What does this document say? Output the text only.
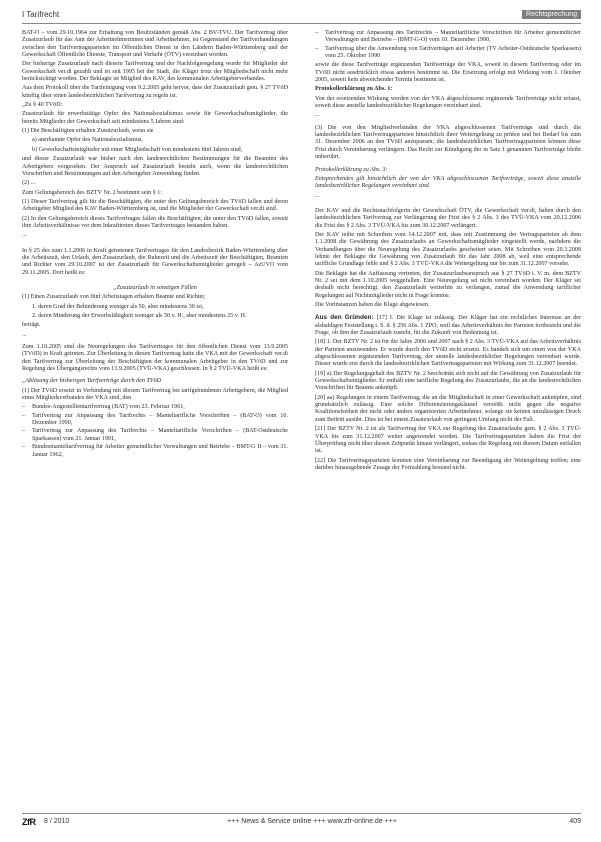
I Tarifrecht	Rechtsprechung
BAT-O – vom 29.10.1964 zur Erhaltung von Besitzständen gemäß Abs. 2 BV-TVÜ. Der Tarifvertrag über Zusatzurlaub für das Amt der Arbeitnehmerinnen und Arbeitnehmer, ist Gegenstand der Tarifverhandlungen zwischen den Tarifvertragsparteien im Öffentlichen Dienst in den Ländern Baden-Württemberg und der Gewerkschaft Öffentliche Dienste, Transport und Verkehr (ÖTV) vereinbart worden.
Der bisherige Zusatzurlaub nach diesem Tarifvertrag und der Nachfolgeregelung wurde für Mitglieder der Gewerkschaft ver.di gezahlt und ist seit 1995 bei der Stadt, die Kläger trotz der Mitgliedschaft nicht mehr berücksichtigt worden. Der Beklagte ist Mitglied des KAV, des kommunalen Arbeitgeberverbandes.
Aus dem Protokoll über die Tarifeinigung vom 9.2.2005 geht hervor, dass der Zusatzurlaub gem. § 27 TVöD künftig über einen landesbezirklichen Tarifvertrag zu regeln ist.
„Zu § 40 TVöD:
Zusatzurlaub für erwerbstätige Opfer des Nationalsozialismus sowie für Gewerkschaftsmitglieder, die bereits Mitglieder der Gewerkschaft seit mindestens 5 Jahren sind:
(1) Die Beschäftigten erhalten Zusatzurlaub, wenn sie
a) anerkannte Opfer des Nationalsozialismus,
b) Gewerkschaftsmitglieder mit einer Mitgliedschaft von mindestens fünf Jahren sind,
und dieser Zusatzurlaub war bisher nach den landesrechtlichen Bestimmungen für die Beamten des Arbeitgebers vorgesehen. Der Anspruch auf Zusatzurlaub besteht auch, wenn die landesrechtlichen Vorschriften und Bestimmungen auf den Arbeitgeber Anwendung finden.
(2) ...
Zum Geltungsbereich des BZTV Nr. 2 bestimmt sein § 1:
(1) Dieser Tarifvertrag gilt für die Beschäftigten, die unter den Geltungsbereich des TVöD fallen und deren Arbeitgeber Mitglied des KAV Baden-Württemberg ist, und die Mitglieder der Gewerkschaft ver.di sind.
(2) In den Geltungsbereich dieses Tarifvertrages fallen die Beschäftigten, die unter den TVöD fallen, soweit ihre Arbeitsverhältnisse vor dem Inkrafttreten dieses Tarifvertrages bestanden haben.
...
In § 25 des zum 1.1.2006 in Kraft getretenen Tarifvertrages für den Landesbezirk Baden-Württemberg über die Arbeitszeit, den Urlaub, den Zusatzurlaub, die Ruhezeit und die Arbeitszeit der Beschäftigten, Beamten und Richter vom 29.10.2007 ist der Zusatzurlaub für Gewerkschaftsmitglieder geregelt – AzUVO vom 29.11.2005. Dort heißt es:
„Zusatzurlaub in sonstigen Fällen
(1) Einen Zusatzurlaub von fünf Arbeitstagen erhalten Beamte und Richter,
1. deren Grad der Behinderung weniger als 50, aber mindestens 30 ist,
2. deren Minderung der Erwerbsfähigkeit weniger als 50 v. H., aber mindestens 25 v. H.
beträgt.
...
Zum 1.10.2005 sind die Neuregelungen des Tarifvertrages für den öffentlichen Dienst vom 13.9.2005 (TVöD) in Kraft getreten. Zur Überleitung in diesen Tarifvertrag hatte die VKA mit der Gewerkschaft ver.di den Tarifvertrag zur Überleitung der Beschäftigten der kommunalen Arbeitgeber in den TVöD und zur Regelung des Übergangsrechts vom 13.9.2005 (TVÜ-VKA) geschlossen. In § 2 TVÜ-VKA heißt es:
„Ablösung der bisherigen Tarifverträge durch den TVöD
(1) Der TVöD ersetzt in Verbindung mit diesem Tarifvertrag bei tarifgebundenen Arbeitgebern, die Mitglied eines Mitgliedsverbandes der VKA sind, den
– Bundes-Angestelltentarifvertrag (BAT) vom 23. Februar 1961,
– Tarifvertrag zur Anpassung des Tarifrechts – Manteltarifliche Vorschriften – (BAT-O) vom 10. Dezember 1990,
– Tarifvertrag zur Anpassung des Tarifrechts – Manteltarifliche Vorschriften – (BAT-Ostdeutsche Sparkassen) vom 21. Januar 1991,
– Bundesmanteltarifvertrag für Arbeiter gemeindlicher Verwaltungen und Betriebe – BMT-G II – vom 31. Januar 1962,
– Tarifvertrag zur Anpassung des Tarifrechts – Manteltarifliche Vorschriften für Arbeiter gemeindlicher Verwaltungen und Betriebe – (BMT-G-O) vom 10. Dezember 1990,
– Tarifvertrag über die Anwendung von Tarifverträgen auf Arbeiter (TV Arbeiter-Ostdeutsche Sparkassen) vom 25. Oktober 1990
sowie die diese Tarifverträge ergänzenden Tarifverträge der VKA, soweit in diesem Tarifvertrag oder im TVöD nicht ausdrücklich etwas anderes bestimmt ist. Die Ersetzung erfolgt mit Wirkung vom 1. Oktober 2005, soweit kein abweichender Termin bestimmt ist.
Protokollerklärung zu Abs. 1:
Von der ersetzenden Wirkung werden von der VKA abgeschlossene ergänzende Tarifverträge nicht erfasst, soweit diese anstelle landesbezirklicher Regelungen vereinbart sind.
...
(3) Die von den Mitgliedverbänden der VKA abgeschlossenen Tarifverträge sind durch die landesbezirklichen Tarifvertragsparteien hinsichtlich ihrer Weitergeltung zu prüfen und bei Bedarf bis zum 31. Dezember 2006 an den TVöD anzupassen; die landesbezirklichen Tarifvertragsparteien können diese Frist durch Vereinbarung verlängern. Das Recht zur Kündigung der in Satz 1 genannten Tarifverträge bleibt unberührt.
Protokollerklärung zu Abs. 3:
Entsprechendes gilt hinsichtlich der von der VKA abgeschlossenen Tarifverträge, soweit diese anstelle landesbezirklicher Regelungen vereinbart sind.
...
Der KAV und die Rechtsnachfolgerin der Gewerkschaft ÖTV, die Gewerkschaft ver.di, haben durch den landesbezirklichen Tarifvertrag zur Verlängerung der Frist des § 2 Abs. 3 des TVÜ-VKA vom 20.12.2006 die Frist des § 2 Abs. 3 TVÜ-VKA bis zum 30.12.2007 verlängert.
Der KAV teilte mit Schreiben vom 14.12.2007 mit, dass mit Zustimmung der Vertragsparteien ab dem 1.1.2008 die Gewährung des Zusatzurlaubs an Gewerkschaftsmitglieder eingestellt werde, nachdem die Verhandlungen über die Neuregelung des Zusatzurlaubs gescheitert seien. Mit Schreiben vom 20.3.2008 lehnte der Beklagte die Gewährung von Zusatzurlaub für das Jahr 2008 ab, weil eine entsprechende tarifliche Grundlage fehle und § 2 Abs. 3 TVÜ-VKA die Weitergeltung nur bis zum 31.12.2007 vorsehe.
Die Beklagte hat die Auffassung vertreten, der Zusatzurlaubsanspruch aus § 27 TVöD i. V. m. dem BZTV Nr. 2 sei mit dem 1.10.2005 weggefallen. Eine Neuregelung sei nicht vereinbart worden. Der Kläger sei deshalb nicht berechtigt, den Zusatzurlaub weiterhin zu verlangen, zumal die Anwendung tariflicher Regelungen auf Nichtmitglieder nicht in Frage komme.
Die Vorinstanzen haben die Klage abgewiesen.
Aus den Gründen: [17] I. Die Klage ist zulässig. Der Kläger hat ein rechtliches Interesse an der alsbaldigen Feststellung i. S. d. § 256 Abs. 1 ZPO, weil das Arbeitsverhältnis der Parteien fortbesteht und die Frage, ob ihm der Zusatzurlaub zusteht, für die Zukunft von Bedeutung ist.
[18] 1. Der BZTV Nr. 2 ist für die Jahre 2006 und 2007 nach § 2 Abs. 3 TVÜ-VKA auf das Arbeitsverhältnis der Parteien anzuwenden. Er wurde durch den TVöD nicht ersetzt. Es handelt sich um einen von der VKA abgeschlossenen ergänzenden Tarifvertrag, der anstelle landesbezirklicher Regelungen vereinbart wurde. Dieser wurde erst durch die landesbezirklichen Tarifvertragsparteien mit Wirkung zum 31.12.2007 beendet.
[19] a) Der Regelungsgehalt des BZTV Nr. 2 beschränkt sich nicht auf die Gewährung von Zusatzurlaub für Gewerkschaftsmitglieder. Er enthält eine tarifliche Regelung des Zusatzurlaubs, die an die landesrechtlichen Vorschriften für Beamte anknüpft.
[20] aa) Regelungen in einem Tarifvertrag, die an die Mitgliedschaft in einer Gewerkschaft anknüpfen, sind grundsätzlich zulässig. Eine solche Differenzierungsklausel verstößt nicht gegen die negative Koalitionsfreiheit der nicht oder anders organisierten Arbeitnehmer, solange sie keinen unzulässigen Druck zum Beitritt ausübt. Dies ist bei einem Zusatzurlaub von geringem Umfang nicht der Fall.
[21] Der BZTV Nr. 2 ist als Tarifvertrag der VKA zur Regelung des Zusatzurlaubs gem. § 2 Abs. 3 TVÜ-VKA bis zum 31.12.2007 weiter angewendet worden. Die Tarifvertragsparteien haben die Frist der Überprüfung nicht über diesen Zeitpunkt hinaus verlängert, sodass die Regelung mit diesem Datum entfallen ist.
[22] Die Tarifvertragsparteien konnten eine Vereinbarung zur Beendigung der Weitergeltung treffen; eine darüber hinausgehende Zusage der Fortzahlung bestand nicht.
ZfR 8 / 2010	+++ News & Service online +++ www.zfr-online.de +++	409
